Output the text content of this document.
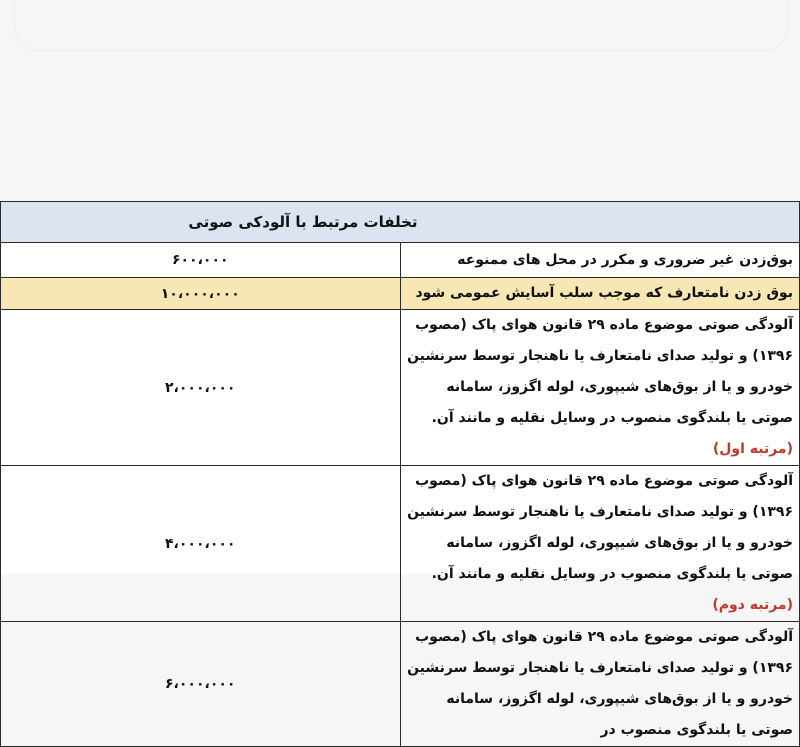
تخلفات مرتبط با آلودکی صوتی	
بوق‌زدن غیر ضروری و مکرر در محل های ممنوعه	۶۰۰،۰۰۰
بوق زدن نامتعارف که موجب سلب آسایش عمومی شود	۱۰،۰۰۰،۰۰۰
آلودگی صوتی موضوع ماده ۲۹ قانون هوای پاک (مصوب ۱۳۹۶) و تولید صدای نامتعارف یا ناهنجار توسط سرنشین خودرو و یا از بوق‌های شیپوری، لوله اگزوز، سامانه صوتی یا بلندگوی منصوب در وسایل نقلیه و مانند آن. (مرتبه اول)	۲،۰۰۰،۰۰۰
آلودگی صوتی موضوع ماده ۲۹ قانون هوای پاک (مصوب ۱۳۹۶) و تولید صدای نامتعارف یا ناهنجار توسط سرنشین خودرو و یا از بوق‌های شیپوری، لوله اگزوز، سامانه صوتی یا بلندگوی منصوب در وسایل نقلیه و مانند آن. (مرتبه دوم)	۴،۰۰۰،۰۰۰
آلودگی صوتی موضوع ماده ۲۹ قانون هوای پاک (مصوب ۱۳۹۶) و تولید صدای نامتعارف یا ناهنجار توسط سرنشین خودرو و یا از بوق‌های شیپوری، لوله اگزوز، سامانه صوتی یا بلندگوی منصوب در	۶،۰۰۰،۰۰۰
